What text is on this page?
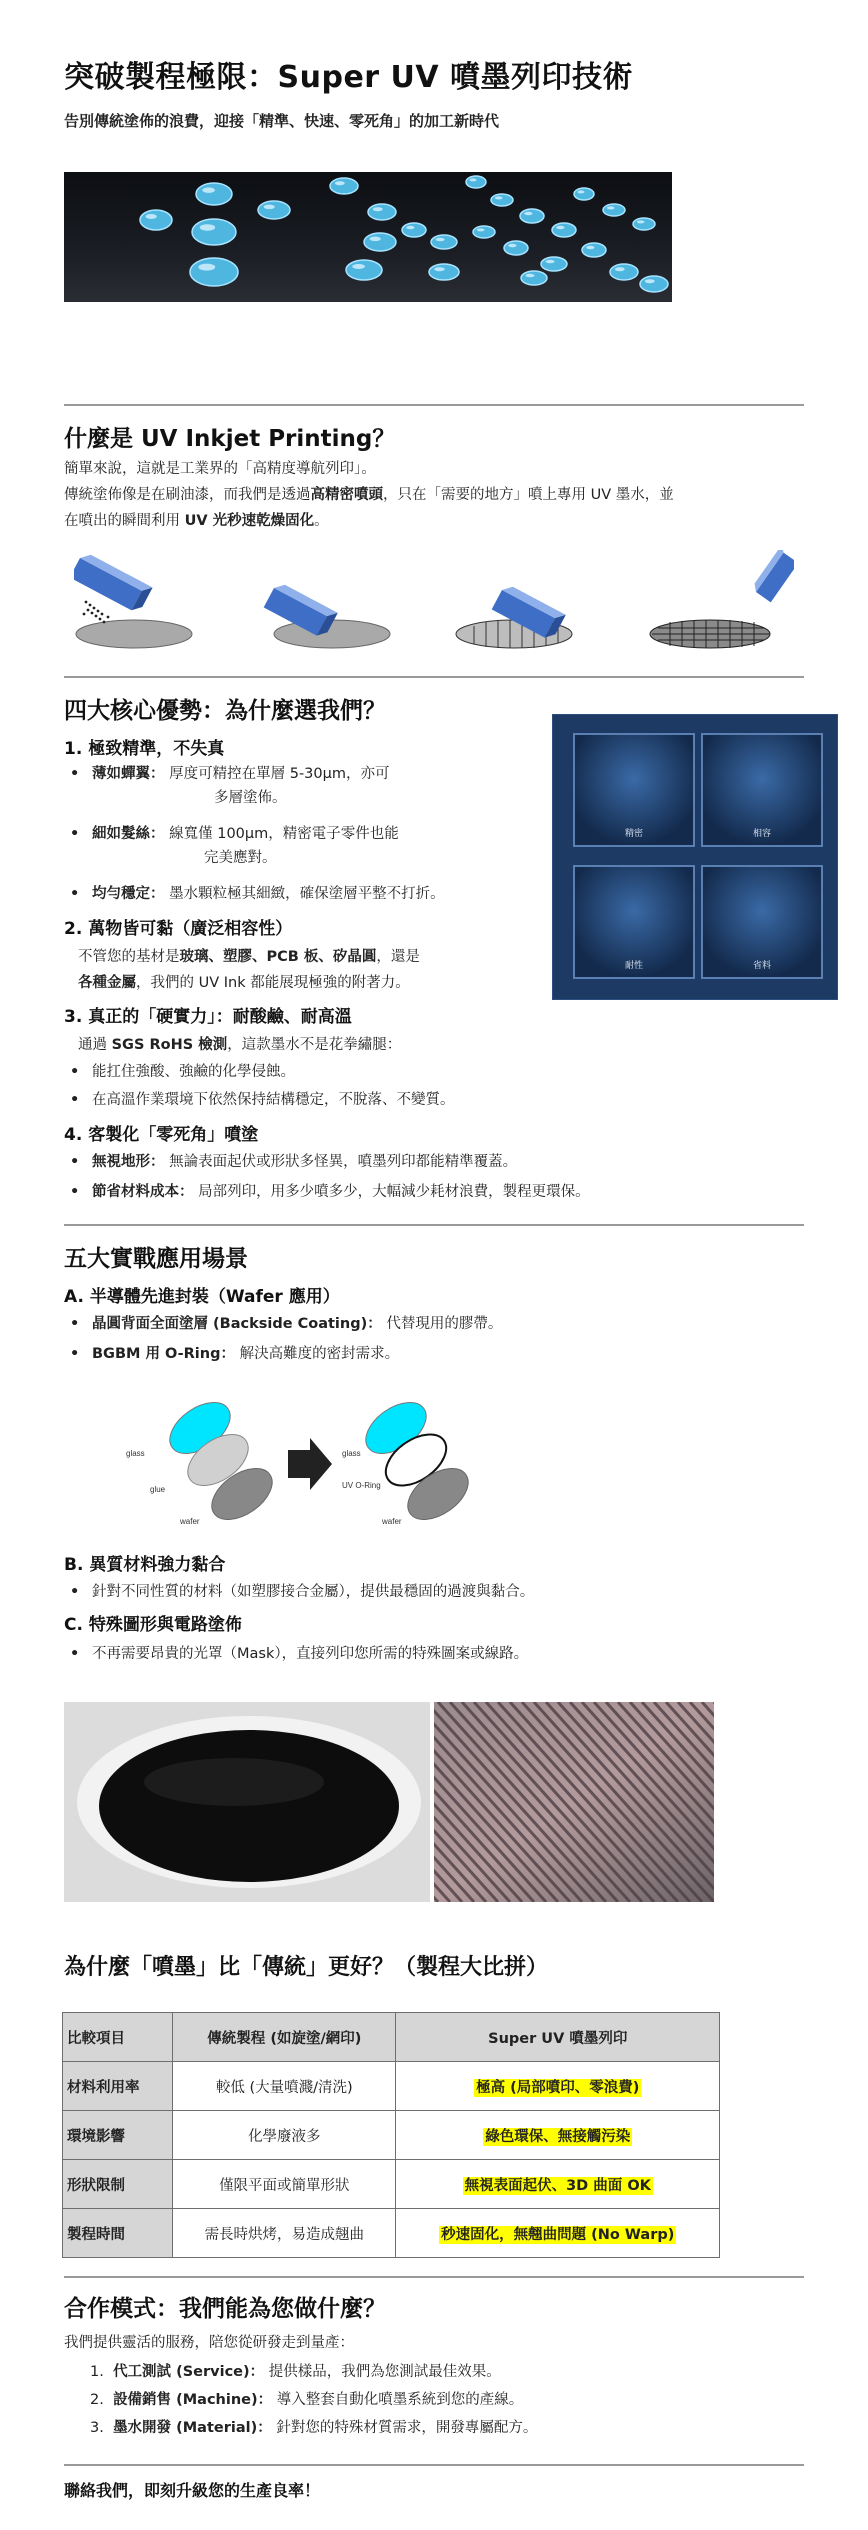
突破製程極限：Super UV 噴墨列印技術
告別傳統塗佈的浪費，迎接「精準、快速、零死角」的加工新時代
什麼是 UV Inkjet Printing？
簡單來說，這就是工業界的「高精度導航列印」。
傳統塗佈像是在刷油漆，而我們是透過高精密噴頭，只在「需要的地方」噴上專用 UV 墨水，並
在噴出的瞬間利用 UV 光秒速乾燥固化。
四大核心優勢：為什麼選我們？
1. 極致精準，不失真
• 薄如蟬翼： 厚度可精控在單層 5-30μm，亦可
多層塗佈。
• 細如髮絲： 線寬僅 100μm，精密電子零件也能
完美應對。
• 均勻穩定： 墨水顆粒極其細緻，確保塗層平整不打折。
2. 萬物皆可黏（廣泛相容性）
不管您的基材是玻璃、塑膠、PCB 板、矽晶圓，還是
各種金屬，我們的 UV Ink 都能展現極強的附著力。
3. 真正的「硬實力」：耐酸鹼、耐高溫
通過 SGS RoHS 檢測，這款墨水不是花拳繡腿：
• 能扛住強酸、強鹼的化學侵蝕。
• 在高溫作業環境下依然保持結構穩定，不脫落、不變質。
4. 客製化「零死角」噴塗
• 無視地形： 無論表面起伏或形狀多怪異，噴墨列印都能精準覆蓋。
• 節省材料成本： 局部列印，用多少噴多少，大幅減少耗材浪費，製程更環保。
精密	相容
耐性	省料
五大實戰應用場景
A. 半導體先進封裝（Wafer 應用）
• 晶圓背面全面塗層 (Backside Coating)： 代替現用的膠帶。
• BGBM 用 O-Ring： 解決高難度的密封需求。
glass
glue
wafer
glass
UV O-Ring
wafer
B. 異質材料強力黏合
• 針對不同性質的材料（如塑膠接合金屬），提供最穩固的過渡與黏合。
C. 特殊圖形與電路塗佈
• 不再需要昂貴的光罩（Mask），直接列印您所需的特殊圖案或線路。
為什麼「噴墨」比「傳統」更好？（製程大比拼）
比較項目	傳統製程 (如旋塗/網印)	Super UV 噴墨列印
材料利用率	較低 (大量噴濺/清洗)	極高 (局部噴印、零浪費)
環境影響	化學廢液多	綠色環保、無接觸污染
形狀限制	僅限平面或簡單形狀	無視表面起伏、3D 曲面 OK
製程時間	需長時烘烤，易造成翹曲	秒速固化，無翹曲問題 (No Warp)
合作模式：我們能為您做什麼？
我們提供靈活的服務，陪您從研發走到量產：
1. 代工測試 (Service)： 提供樣品，我們為您測試最佳效果。
2. 設備銷售 (Machine)： 導入整套自動化噴墨系統到您的產線。
3. 墨水開發 (Material)： 針對您的特殊材質需求，開發專屬配方。
聯絡我們，即刻升級您的生產良率！
